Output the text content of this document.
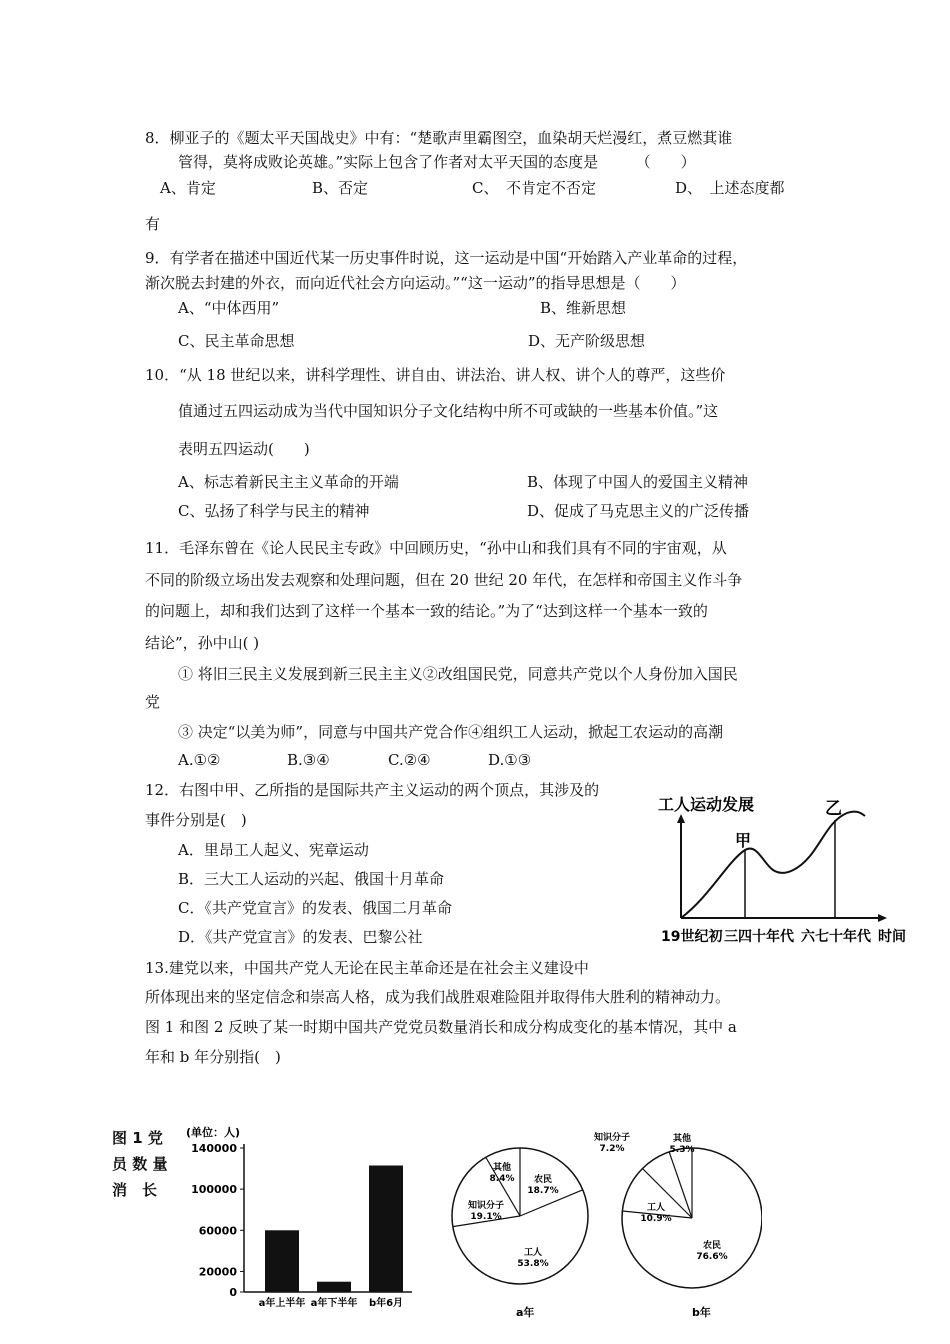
8．柳亚子的《题太平天国战史》中有：“楚歌声里霸图空，血染胡天烂漫红，煮豆燃萁谁
管得，莫将成败论英雄。”实际上包含了作者对太平天国的态度是　　　（　　）
A、肯定	B、否定	C、　不肯定不否定	D、　上述态度都
有
9．有学者在描述中国近代某一历史事件时说，这一运动是中国“开始踏入产业革命的过程，
渐次脱去封建的外衣，而向近代社会方向运动。”“这一运动”的指导思想是（　　）
A、“中体西用”	B、维新思想
C、民主革命思想	D、无产阶级思想
10．“从 18 世纪以来，讲科学理性、讲自由、讲法治、讲人权、讲个人的尊严，这些价
值通过五四运动成为当代中国知识分子文化结构中所不可或缺的一些基本价值。”这
表明五四运动(　　)
A、标志着新民主主义革命的开端	B、体现了中国人的爱国主义精神
C、弘扬了科学与民主的精神	D、促成了马克思主义的广泛传播
11．毛泽东曾在《论人民民主专政》中回顾历史，“孙中山和我们具有不同的宇宙观，从
不同的阶级立场出发去观察和处理问题，但在 20 世纪 20 年代，在怎样和帝国主义作斗争
的问题上，却和我们达到了这样一个基本一致的结论。”为了“达到这样一个基本一致的
结论”，孙中山( )
① 将旧三民主义发展到新三民主主义②改组国民党，同意共产党以个人身份加入国民
党
③ 决定“以美为师”，同意与中国共产党合作④组织工人运动，掀起工农运动的高潮
A.①②	B.③④	C.②④	D.①③
12．右图中甲、乙所指的是国际共产主义运动的两个顶点，其涉及的
事件分别是(　)
A．里昂工人起义、宪章运动
B．三大工人运动的兴起、俄国十月革命
C．《共产党宣言》的发表、俄国二月革命
D．《共产党宣言》的发表、巴黎公社
工人运动发展
甲
乙
19世纪初 三四十年代 六七十年代 时间
13.建党以来，中国共产党人无论在民主革命还是在社会主义建设中
所体现出来的坚定信念和崇高人格，成为我们战胜艰难险阻并取得伟大胜利的精神动力。
图 1 和图 2 反映了某一时期中国共产党党员数量消长和成分构成变化的基本情况，其中 a
年和 b 年分别指(　)
图 1 党
员 数 量
消　长
(单位：人)
140000
100000
60000
20000
0
a年上半年 a年下半年 b年6月
农民
18.7%
工人
53.8%
知识分子
19.1%
其他
8.4%
a年
农民
76.6%
工人
10.9%
知识分子
7.2%
其他
5.3%
b年
